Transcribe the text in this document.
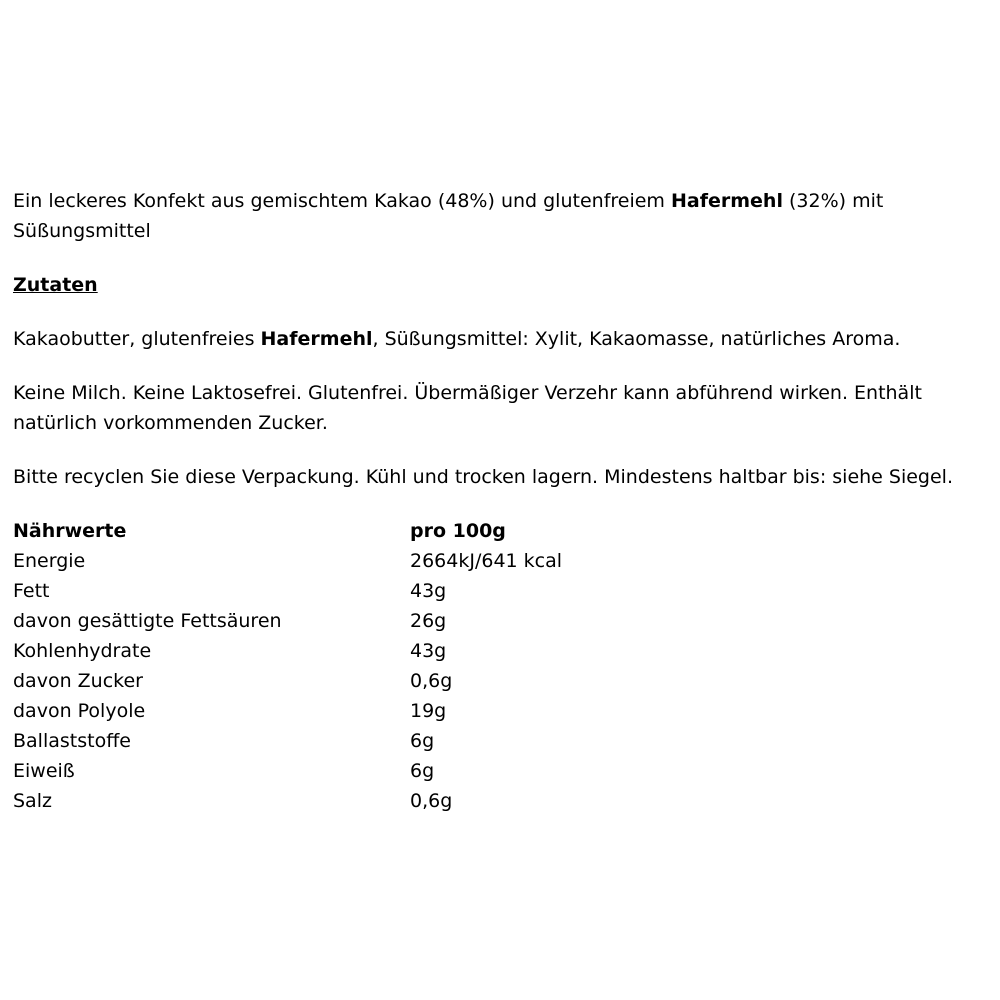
Ein leckeres Konfekt aus gemischtem Kakao (48%) und glutenfreiem Hafermehl (32%) mit Süßungsmittel

Zutaten

Kakaobutter, glutenfreies Hafermehl, Süßungsmittel: Xylit, Kakaomasse, natürliches Aroma.

Keine Milch. Keine Laktosefrei. Glutenfrei. Übermäßiger Verzehr kann abführend wirken. Enthält natürlich vorkommenden Zucker.

Bitte recyclen Sie diese Verpackung. Kühl und trocken lagern. Mindestens haltbar bis: siehe Siegel.

Nährwerte	pro 100g
Energie	2664kJ/641 kcal
Fett	43g
davon gesättigte Fettsäuren	26g
Kohlenhydrate	43g
davon Zucker	0,6g
davon Polyole	19g
Ballaststoffe	6g
Eiweiß	6g
Salz	0,6g
